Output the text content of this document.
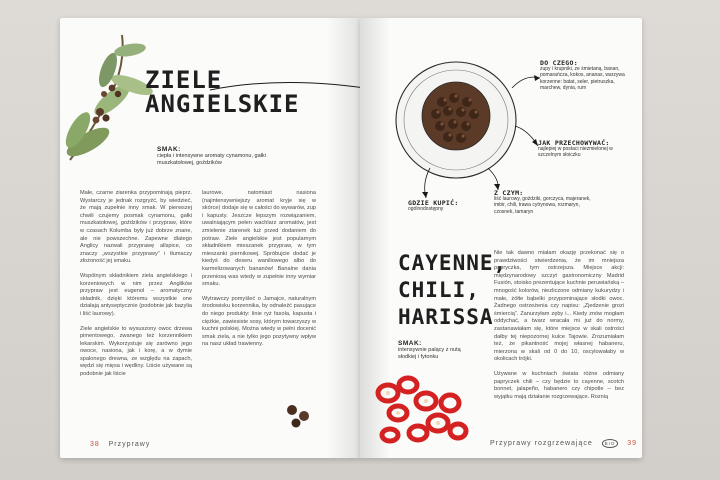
ZIELE
ANGIELSKIE
SMAK:
ciepła i intensywne aromaty cynamonu, gałki muszkatołowej, goździków

Małe, czarne ziarenka przypominają pieprz. Wystarczy je jednak rozgryźć, by wiedzieć, że mają zupełnie inny smak. W pierwszej chwili czujemy posmak cynamonu, gałki muszkatołowej, goździków i przypraw, które w czasach Kolumba były już dobrze znane, ale nie powszechne. Zapewne dlatego Anglicy nazwali przyprawę allspice, co znaczy „wszystkie przyprawy” i tłumaczy złożoność jej smaku.

Wspólnym składnikiem ziela angielskiego i korzeniowych w nim przez Anglików przypraw jest eugenol – aromatyczny składnik, dzięki któremu wszystkie one działają antyseptycznie (podobnie jak bazylia i liść laurowy).

Ziele angielskie to wysuszony owoc drzewa pimentowego, zwanego też korzennikiem lekarskim. Wykorzystuje się zarówno jego owoce, nasiona, jak i korę, a w dymie spalonego drewna, ze względu na zapach, wędzi się mięsa i wędliny. Liście używane są podobnie jak liście

laurowe, natomiast nasiona (najintensywniejszy aromat kryje się w skórce) dodaje się w całości do wywarów, zup i kapusty. Jeszcze lepszym rozwiązaniem, uwalniającym pełen wachlarz aromatów, jest zmielenie ziarenek tuż przed dodaniem do potraw. Ziele angielskie jest popularnym składnikiem mieszanek przypraw, w tym mieszanki piernikowej. Spróbujcie dodać je kiedyś do deseru waniliowego albo do karmelizowanych bananów! Banalne dania przeniosą was wtedy w zupełnie inny wymiar smaku.

Wytrawczy pomyśleć o Jamajce, naturalnym środowisku korzennika, by odnaleźć pasujące do niego produkty: linie ryż fasola, kapusta i ciężkie, zawiesiste sosy, którym towarzyszy w kuchni polskiej. Można wtedy w pełni docenić smak ziela, a nie tylko jego pozytywny wpływ na nasz układ trawienny.

38 Przyprawy
DO CZEGO:
zupy i krupniki, ze śmietaną, banan, pomarańcza, kokos, ananas, warzywa korzenne: batat, seler, pietruszka, marchew, dynia, rum
JAK PRZECHOWYWAĆ:
najlepiej w postaci niezmielonej w szczelnym słoiczku
Z CZYM:
liść laurowy, goździki, gorczyca, majeranek, imbir, chili, trawa cytrynowa, rozmaryn, czosnek, tamaryn
GDZIE KUPIĆ:
ogólnodostępny
CAYENNE,
CHILI,
HARISSA
SMAK:
intensywnie palący z nutą słodkiej i fytonku

Nie tak dawno miałam okazję przekonać się o prawdziwości stwierdzenia, że im mniejsza papryczka, tym ostrzejsza. Miejsce akcji: międzynarodowy szczyt gastronomiczny Madrid Fusión, stoisko prezentujące kuchnie peruwiańską – mnogość kolorów, niezliczone odmiany kukurydzy i małe, żółte bąbelki przypominające słodki owoc. Żadnego ostrzeżenia czy napisu: „Zjedzenie grozi śmiercią”. Zanurzyłam zęby i... Kiedy znów mogłam oddychać, a twarz wracała mi już do normy, zastanawiałam się, które miejsce w skali ostrości dałby tej niepozornej kulce Tajowie. Zrozumiałam też, że pikantność mojej własnej habaneru, mierzona w skali od 0 do 10, oscylowałaby w okolicach trójki.

Używane w kuchniach świata różne odmiany papryczek chili – czy będzie to cayenne, scotch bonnet, jalapeño, habanero czy chipotle – bez wyjątku mają działanie rozgrzewające. Roznią

Przyprawy rozgrzewające	BIO 39
